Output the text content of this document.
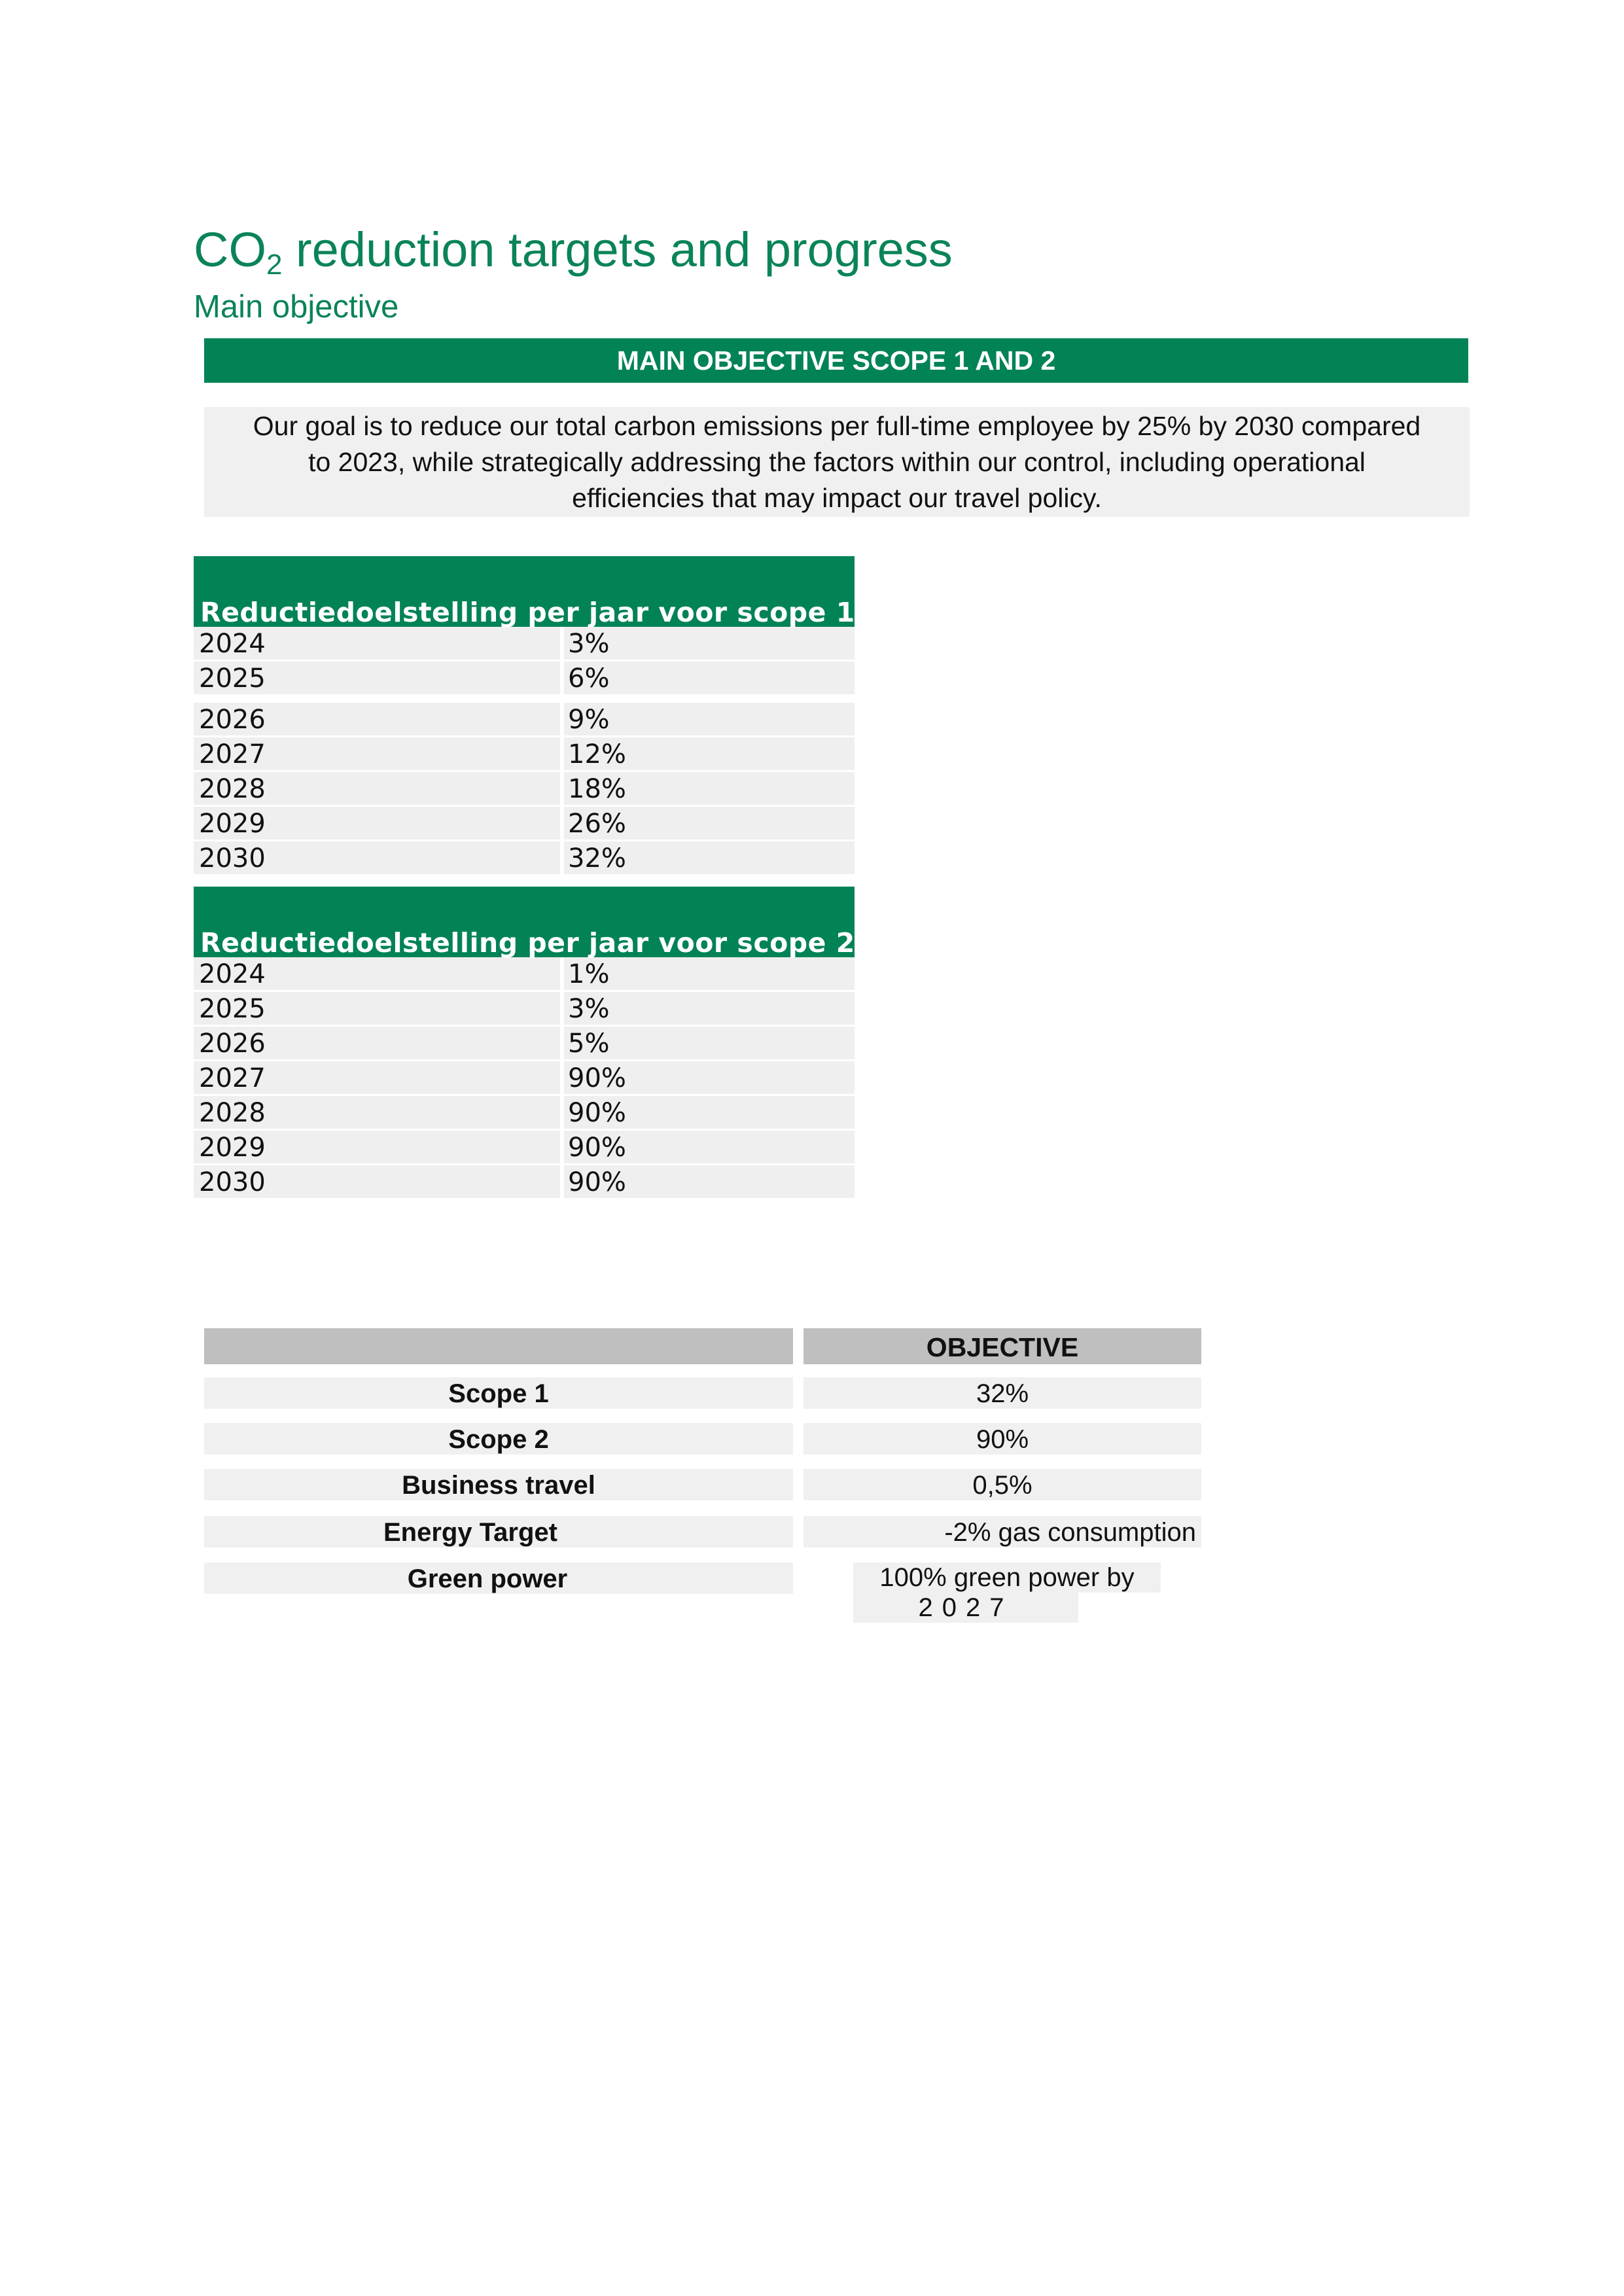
$CO_2$ reduction targets and progress
Main objective
MAIN OBJECTIVE SCOPE 1 AND 2

Our goal is to reduce our total carbon emissions per full-time employee by 25% by 2030 compared to 2023, while strategically addressing the factors within our control, including operational efficiencies that may impact our travel policy.

Reductiedoelstelling per jaar voor scope 1
2024	3%
2025	6%
2026	9%
2027	12%
2028	18%
2029	26%
2030	32%
Reductiedoelstelling per jaar voor scope 2
2024	1%
2025	3%
2026	5%
2027	90%
2028	90%
2029	90%
2030	90%
OBJECTIVE
Scope 1	32%
Scope 2	90%
Business travel	0,5%
Energy Target	-2% gas consumption
Green power	100% green power by
2027
